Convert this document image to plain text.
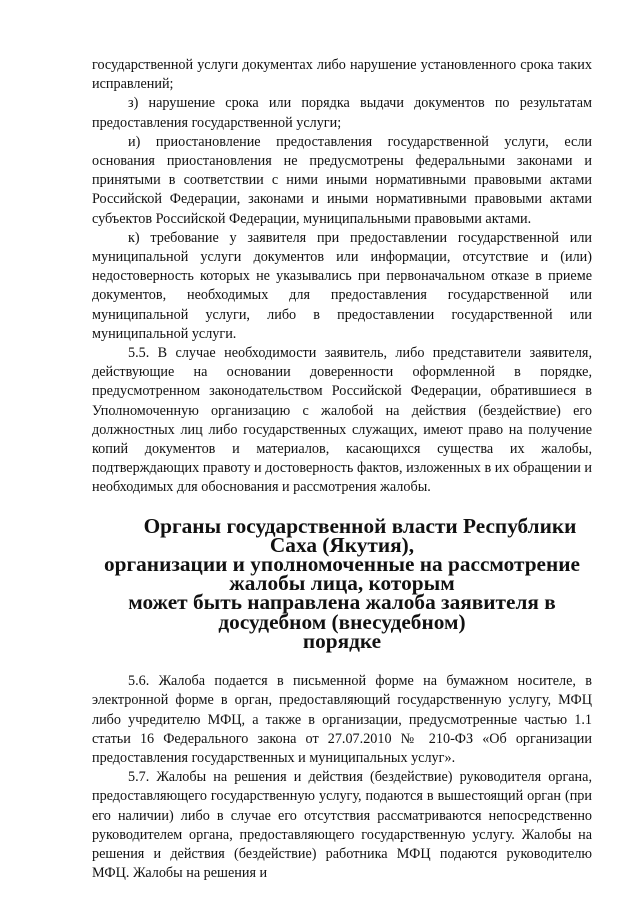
государственной услуги документах либо нарушение установленного срока таких исправлений;

з) нарушение срока или порядка выдачи документов по результатам предоставления государственной услуги;

и) приостановление предоставления государственной услуги, если основания приостановления не предусмотрены федеральными законами и принятыми в соответствии с ними иными нормативными правовыми актами Российской Федерации, законами и иными нормативными правовыми актами субъектов Российской Федерации, муниципальными правовыми актами.

к) требование у заявителя при предоставлении государственной или муниципальной услуги документов или информации, отсутствие и (или) недостоверность которых не указывались при первоначальном отказе в приеме документов, необходимых для предоставления государственной или муниципальной услуги, либо в предоставлении государственной или муниципальной услуги.

5.5. В случае необходимости заявитель, либо представители заявителя, действующие на основании доверенности оформленной в порядке, предусмотренном законодательством Российской Федерации, обратившиеся в Уполномоченную организацию с жалобой на действия (бездействие) его должностных лиц либо государственных служащих, имеют право на получение копий документов и материалов, касающихся существа их жалобы, подтверждающих правоту и достоверность фактов, изложенных в их обращении и необходимых для обоснования и рассмотрения жалобы.

Органы государственной власти Республики Саха (Якутия),
организации и уполномоченные на рассмотрение жалобы лица, которым
может быть направлена жалоба заявителя в досудебном (внесудебном)
порядке

5.6. Жалоба подается в письменной форме на бумажном носителе, в электронной форме в орган, предоставляющий государственную услугу, МФЦ либо учредителю МФЦ, а также в организации, предусмотренные частью 1.1 статьи 16 Федерального закона от 27.07.2010 № 210-ФЗ «Об организации предоставления государственных и муниципальных услуг».

5.7. Жалобы на решения и действия (бездействие) руководителя органа, предоставляющего государственную услугу, подаются в вышестоящий орган (при его наличии) либо в случае его отсутствия рассматриваются непосредственно руководителем органа, предоставляющего государственную услугу. Жалобы на решения и действия (бездействие) работника МФЦ подаются руководителю МФЦ. Жалобы на решения и
